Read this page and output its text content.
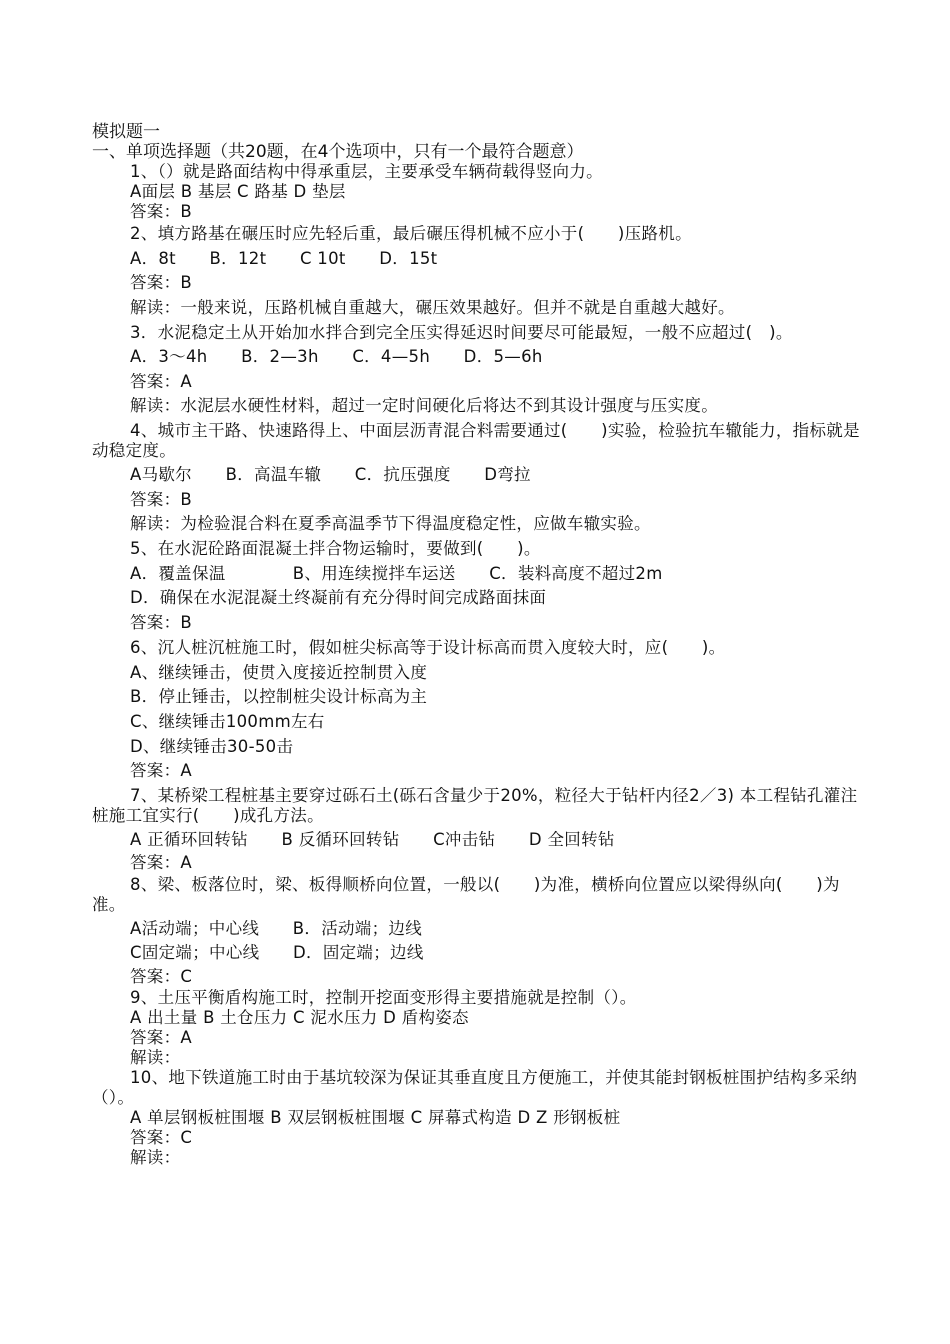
模拟题一
一、单项选择题（共20题，在4个选项中，只有一个最符合题意）
1、（）就是路面结构中得承重层，主要承受车辆荷载得竖向力。
A面层 B 基层 C 路基 D 垫层
答案：B
2、填方路基在碾压时应先轻后重，最后碾压得机械不应小于(　　)压路机。
A．8t　　B．12t　　C 10t　　D．15t
答案：B
解读：一般来说，压路机械自重越大，碾压效果越好。但并不就是自重越大越好。
3．水泥稳定土从开始加水拌合到完全压实得延迟时间要尽可能最短，一般不应超过(　)。
A．3～4h　　B．2—3h　　C．4—5h　　D．5—6h
答案：A
解读：水泥层水硬性材料，超过一定时间硬化后将达不到其设计强度与压实度。
4、城市主干路、快速路得上、中面层沥青混合料需要通过(　　)实验，检验抗车辙能力，指标就是动稳定度。
A马歇尔　　B．高温车辙　　C．抗压强度　　D弯拉
答案：B
解读：为检验混合料在夏季高温季节下得温度稳定性，应做车辙实验。
5、在水泥砼路面混凝土拌合物运输时，要做到(　　)。
A．覆盖保温　　　　B、用连续搅拌车运送　　C．装料高度不超过2m
D．确保在水泥混凝土终凝前有充分得时间完成路面抹面
答案：B
6、沉人桩沉桩施工时，假如桩尖标高等于设计标高而贯入度较大时，应(　　)。
A、继续锤击，使贯入度接近控制贯入度
B．停止锤击，以控制桩尖设计标高为主
C、继续锤击100mm左右
D、继续锤击30-50击
答案：A
7、某桥梁工程桩基主要穿过砾石土(砾石含量少于20%，粒径大于钻杆内径2／3) 本工程钻孔灌注桩施工宜实行(　　)成孔方法。
A 正循环回转钻　　B 反循环回转钻　　C冲击钻　　D 全回转钻
答案：A
8、梁、板落位时，梁、板得顺桥向位置，一般以(　　)为准，横桥向位置应以梁得纵向(　　)为准。
A活动端；中心线　　B．活动端；边线
C固定端；中心线　　D．固定端；边线
答案：C
9、土压平衡盾构施工时，控制开挖面变形得主要措施就是控制（）。
A 出土量 B 土仓压力 C 泥水压力 D 盾构姿态
答案：A
解读：
10、地下铁道施工时由于基坑较深为保证其垂直度且方便施工，并使其能封钢板桩围护结构多采纳（）。
A 单层钢板桩围堰 B 双层钢板桩围堰 C 屏幕式构造 D Z 形钢板桩
答案：C
解读：
